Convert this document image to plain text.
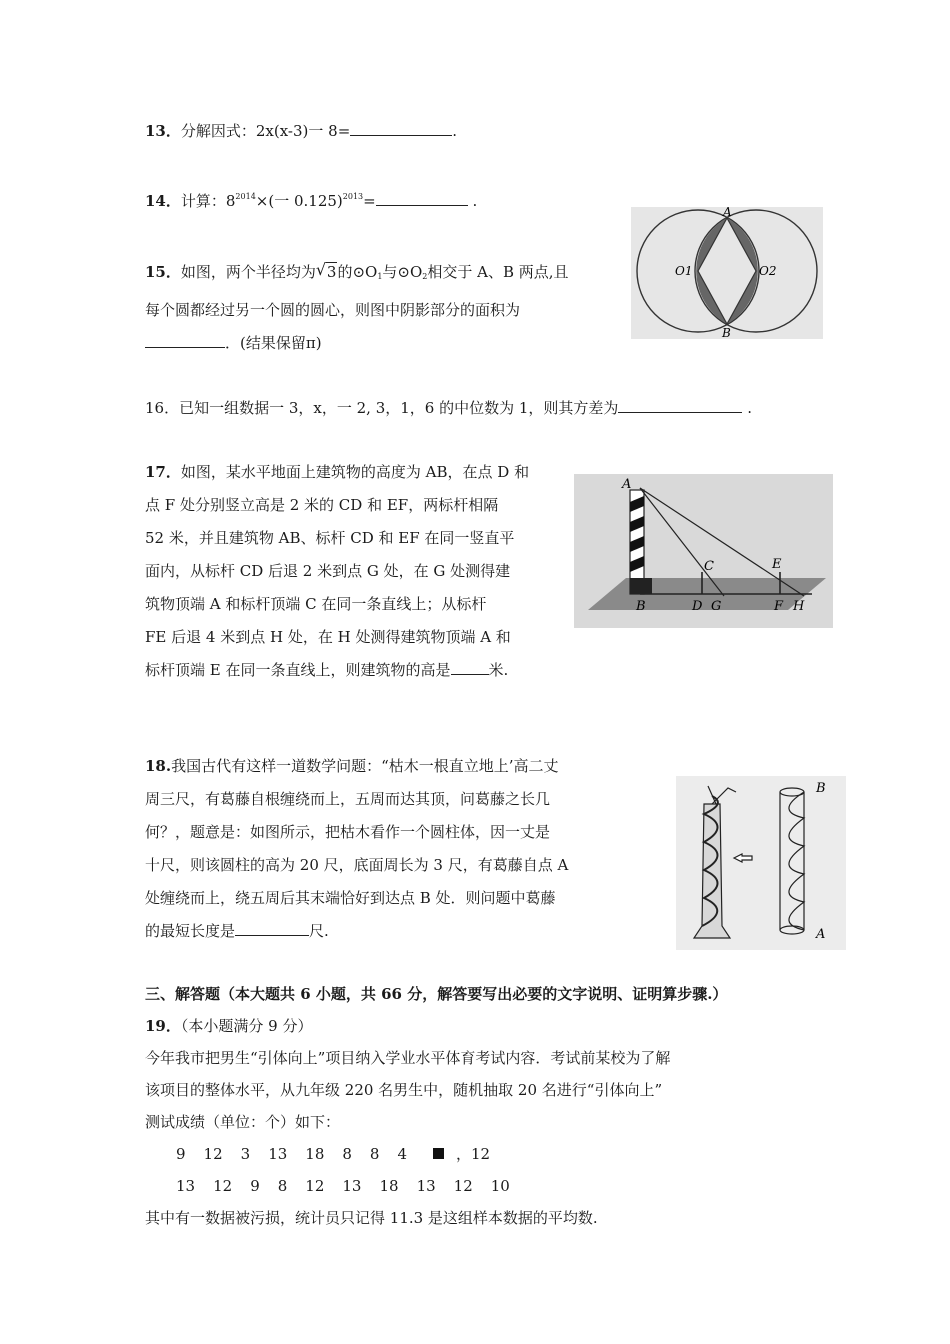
13．分解因式：2x(x-3)一 8=	.
14．计算：$8^{2014}\times$(一 0.125)$^{2013}$=	.
15．如图，两个半径均为 √ 3的$⊙O_1$与$⊙O_2$相交于 A、B 两点,且
每个圆都经过另一个圆的圆心，则图中阴影部分的面积为
．(结果保留π)
A
B
O1	O2
16．已知一组数据一 3，x，一 2, 3，1，6 的中位数为 1，则其方差为	.
17．如图，某水平地面上建筑物的高度为 AB，在点 D 和
点 F 处分别竖立高是 2 米的 CD 和 EF，两标杆相隔
52 米，并且建筑物 AB、标杆 CD 和 EF 在同一竖直平
面内，从标杆 CD 后退 2 米到点 G 处，在 G 处测得建
筑物顶端 A 和标杆顶端 C 在同一条直线上；从标杆
FE 后退 4 米到点 H 处，在 H 处测得建筑物顶端 A 和
标杆顶端 E 在同一条直线上，则建筑物的高是	米.
A
B
C
D G
E
F H
18.我国古代有这样一道数学问题：“枯木一根直立地上’高二丈
周三尺，有葛藤自根缠绕而上，五周而达其顶，问葛藤之长几
何？，题意是：如图所示，把枯木看作一个圆柱体，因一丈是
十尺，则该圆柱的高为 20 尺，底面周长为 3 尺，有葛藤自点 A
处缠绕而上，绕五周后其末端恰好到达点 B 处．则问题中葛藤
的最短长度是	尺.
B
A
三、解答题（本大题共 6 小题，共 66 分，解答要写出必要的文字说明、证明算步骤.）
19．（本小题满分 9 分）
今年我市把男生“引体向上”项目纳入学业水平体育考试内容．考试前某校为了解
该项目的整体水平，从九年级 220 名男生中，随机抽取 20 名进行“引体向上”
测试成绩（单位：个）如下：
9 12 3 13 18 8 8 4	，12
13 12 9 8 12 13 18 13 12 10
其中有一数据被污损，统计员只记得 11.3 是这组样本数据的平均数.
